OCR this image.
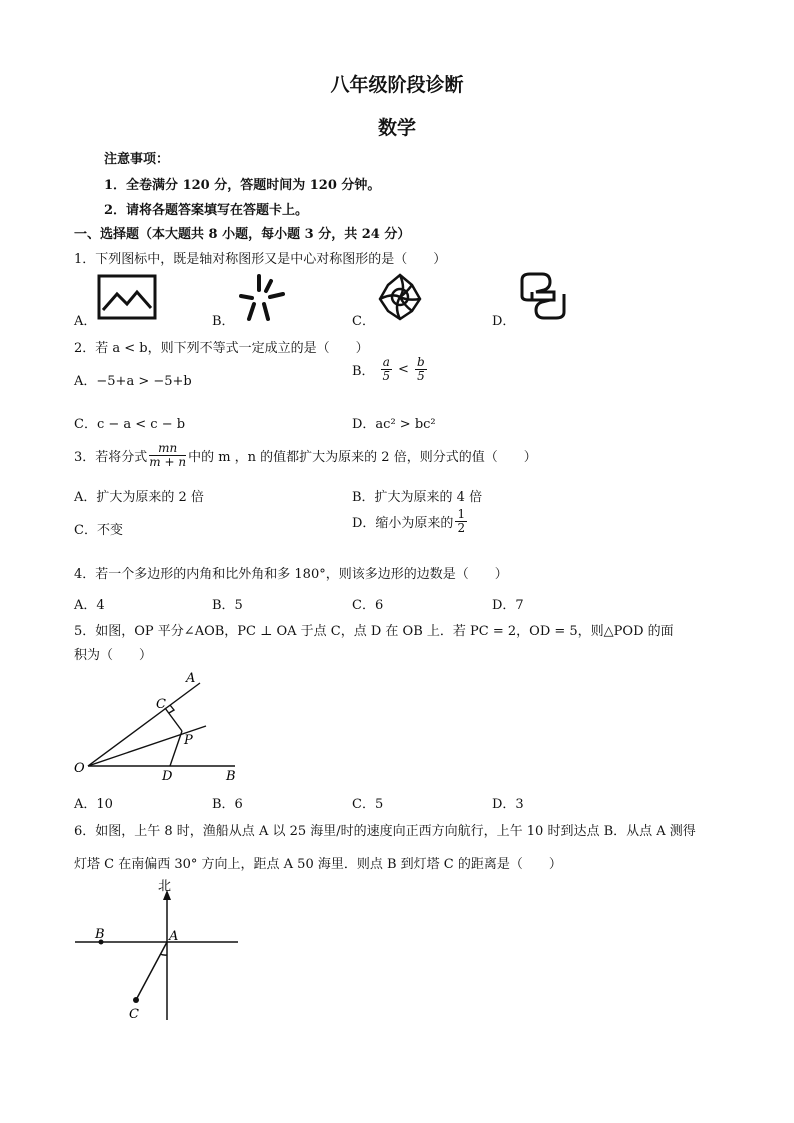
八年级阶段诊断
数学
注意事项：
1．全卷满分 120 分，答题时间为 120 分钟。
2．请将各题答案填写在答题卡上。
一、选择题（本大题共 8 小题，每小题 3 分，共 24 分）
1．下列图标中，既是轴对称图形又是中心对称图形的是（　　）
A．	B．	C．	D．
2．若 a < b，则下列不等式一定成立的是（　　）
A．−5+a > −5+b
B． $\frac{a}{5} < \frac{b}{5}$
C．c − a < c − b	D．ac² > bc²
3．若将分式 $\frac{mn}{m + n}$ 中的 m ，n 的值都扩大为原来的 2 倍，则分式的值（　　）
A．扩大为原来的 2 倍	B．扩大为原来的 4 倍
C．不变	D．缩小为原来的 $\frac{1}{2}$
4．若一个多边形的内角和比外角和多 180°，则该多边形的边数是（　　）
A．4	B．5	C．6	D．7
5．如图，OP 平分∠AOB，PC ⊥ OA 于点 C，点 D 在 OB 上．若 PC = 2，OD = 5，则△POD 的面
积为（　　）
A
C
P
O
D	B
A．10	B．6	C．5	D．3
6．如图，上午 8 时，渔船从点 A 以 25 海里/时的速度向正西方向航行，上午 10 时到达点 B．从点 A 测得
灯塔 C 在南偏西 30° 方向上，距点 A 50 海里．则点 B 到灯塔 C 的距离是（　　）
北
B	A
C
